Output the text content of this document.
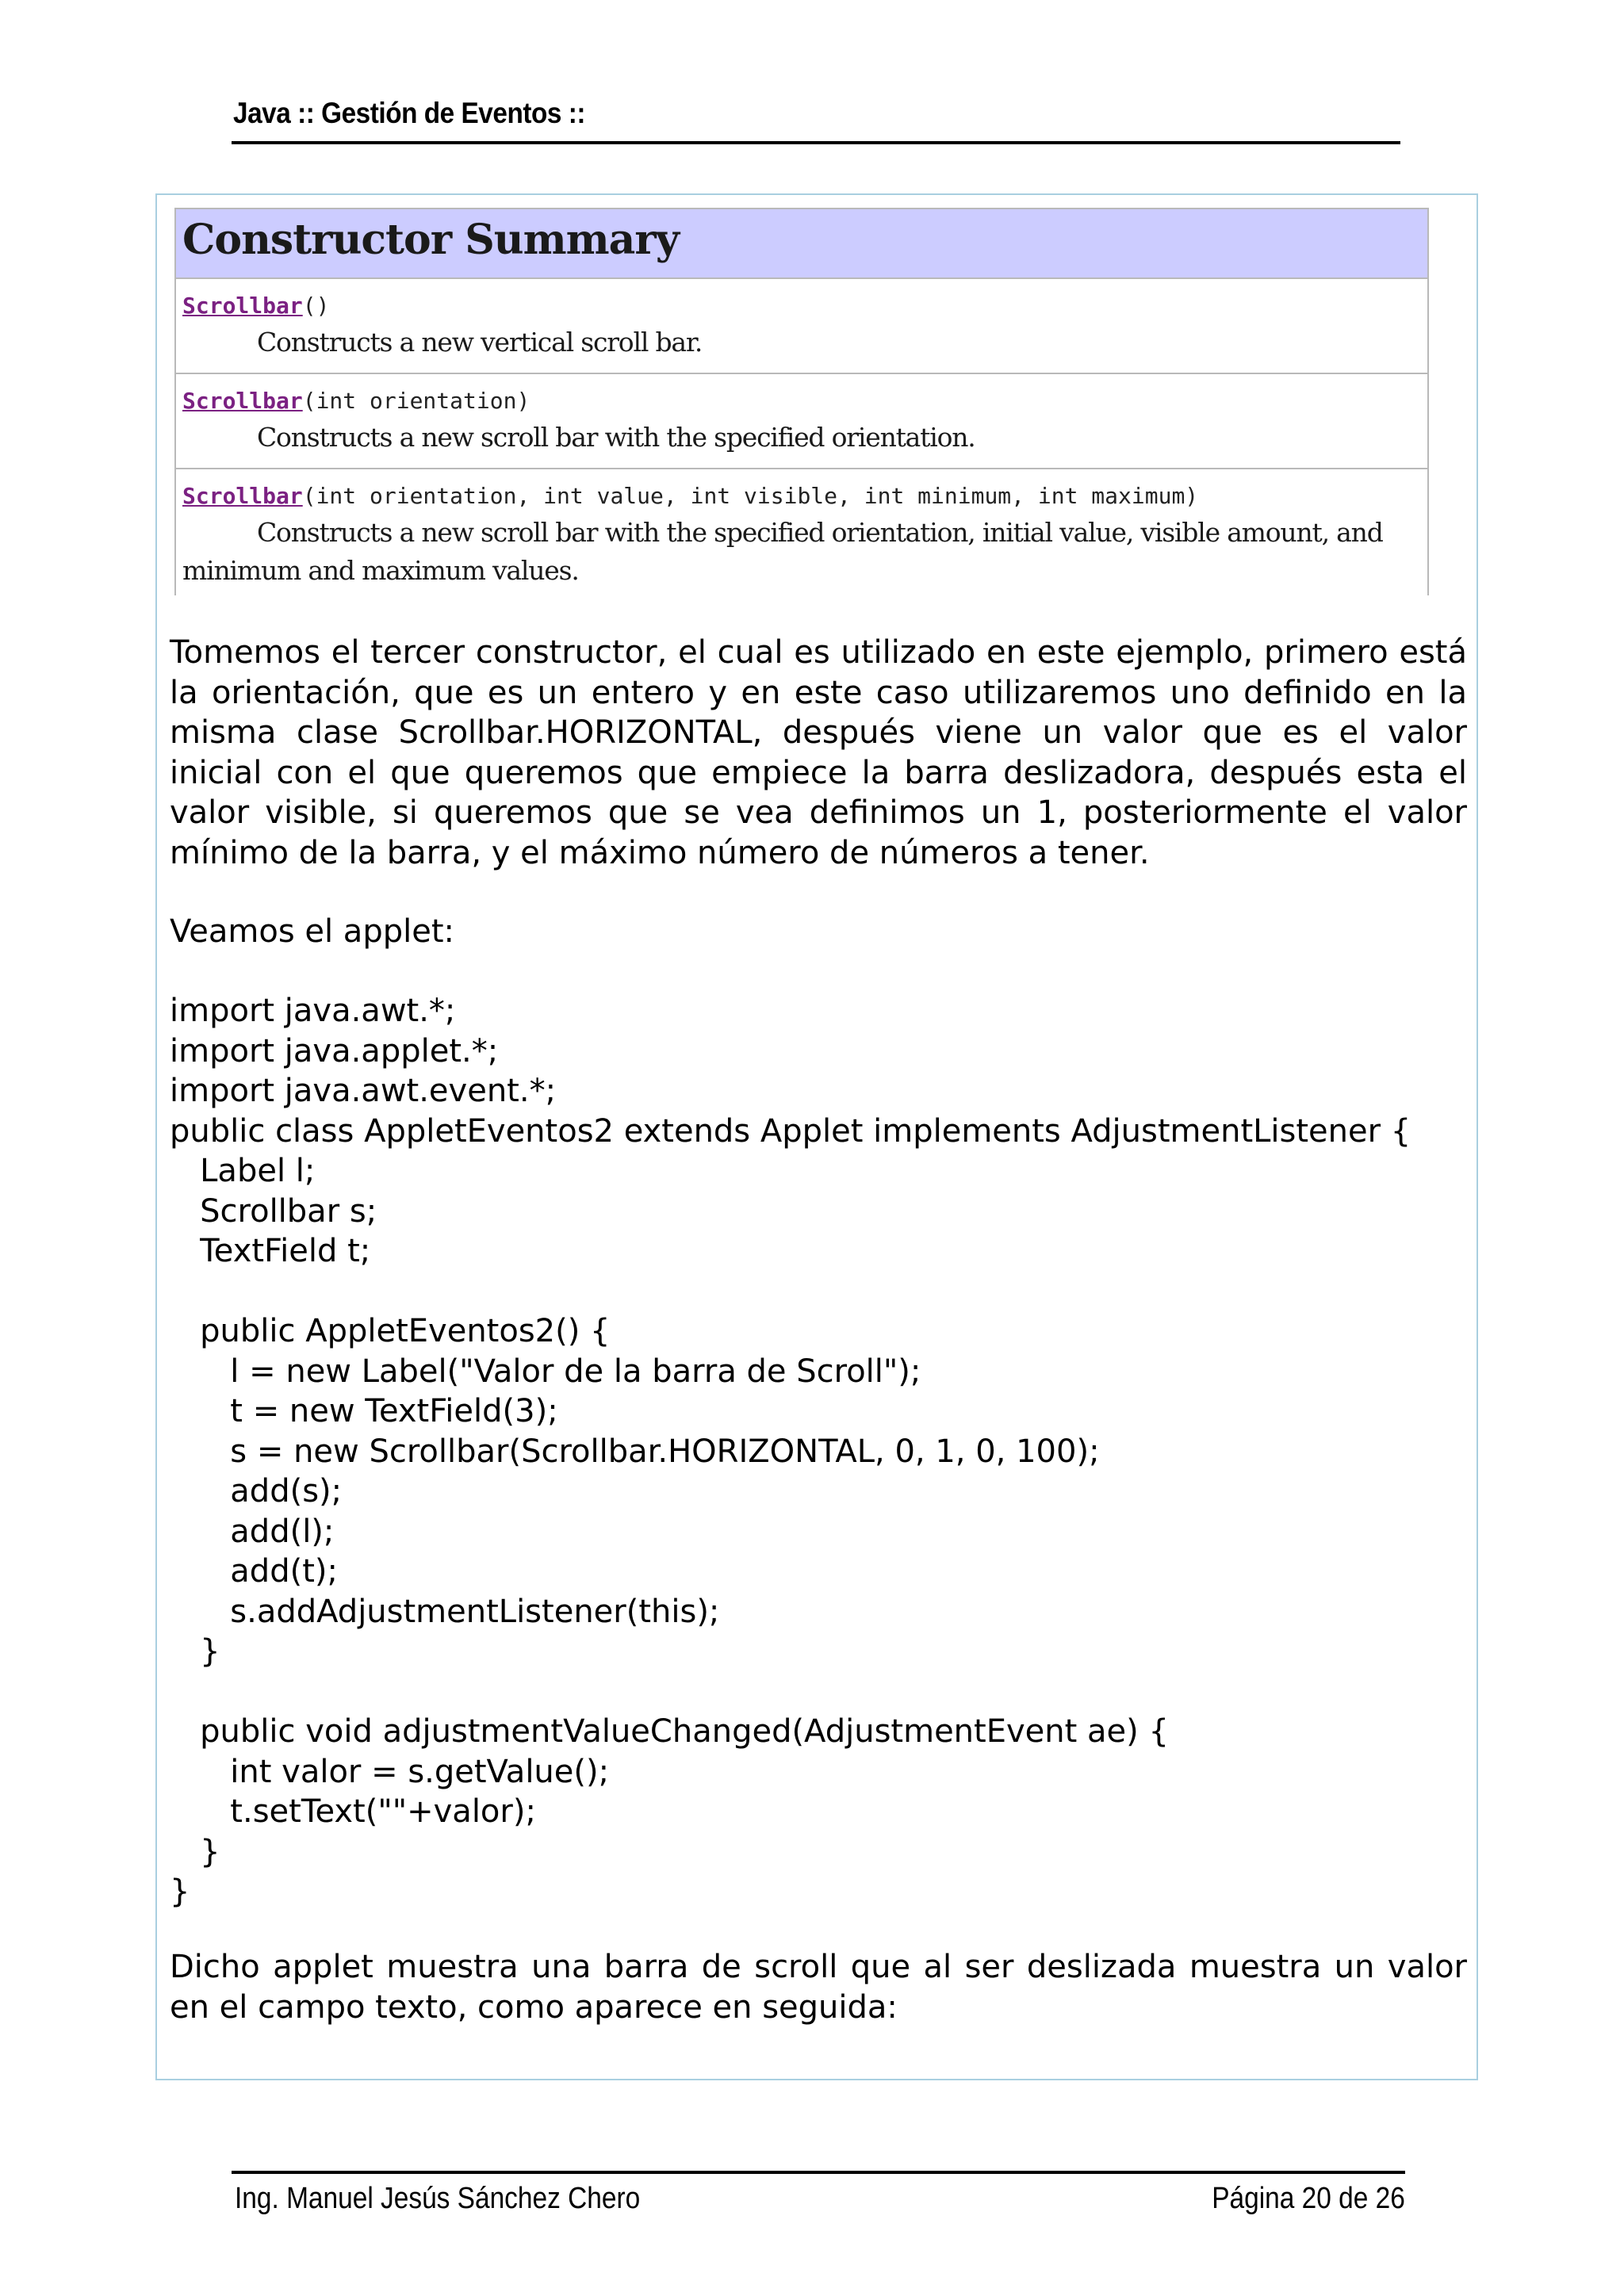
Java :: Gestión de Eventos ::
Constructor Summary

Scrollbar()
Constructs a new vertical scroll bar.

Scrollbar(int orientation)
Constructs a new scroll bar with the specified orientation.

Scrollbar(int orientation, int value, int visible, int minimum, int maximum)
Constructs a new scroll bar with the specified orientation, initial value, visible amount, and minimum and maximum values.
Tomemos el tercer constructor, el cual es utilizado en este ejemplo, primero está la orientación, que es un entero y en este caso utilizaremos uno definido en la misma clase Scrollbar.HORIZONTAL, después viene un valor que es el valor inicial con el que queremos que empiece la barra deslizadora, después esta el valor visible, si queremos que se vea definimos un 1, posteriormente el valor mínimo de la barra, y el máximo número de números a tener.
Veamos el applet:
import java.awt.*;
import java.applet.*;
import java.awt.event.*;
public class AppletEventos2 extends Applet implements AdjustmentListener {
Label l;
Scrollbar s;
TextField t;
public AppletEventos2() {
l = new Label("Valor de la barra de Scroll");
t = new TextField(3);
s = new Scrollbar(Scrollbar.HORIZONTAL, 0, 1, 0, 100);
add(s);
add(l);
add(t);
s.addAdjustmentListener(this);
}
public void adjustmentValueChanged(AdjustmentEvent ae) {
int valor = s.getValue();
t.setText(""+valor);
}
}
Dicho applet muestra una barra de scroll que al ser deslizada muestra un valor en el campo texto, como aparece en seguida:
Ing. Manuel Jesús Sánchez Chero	Página 20 de 26
